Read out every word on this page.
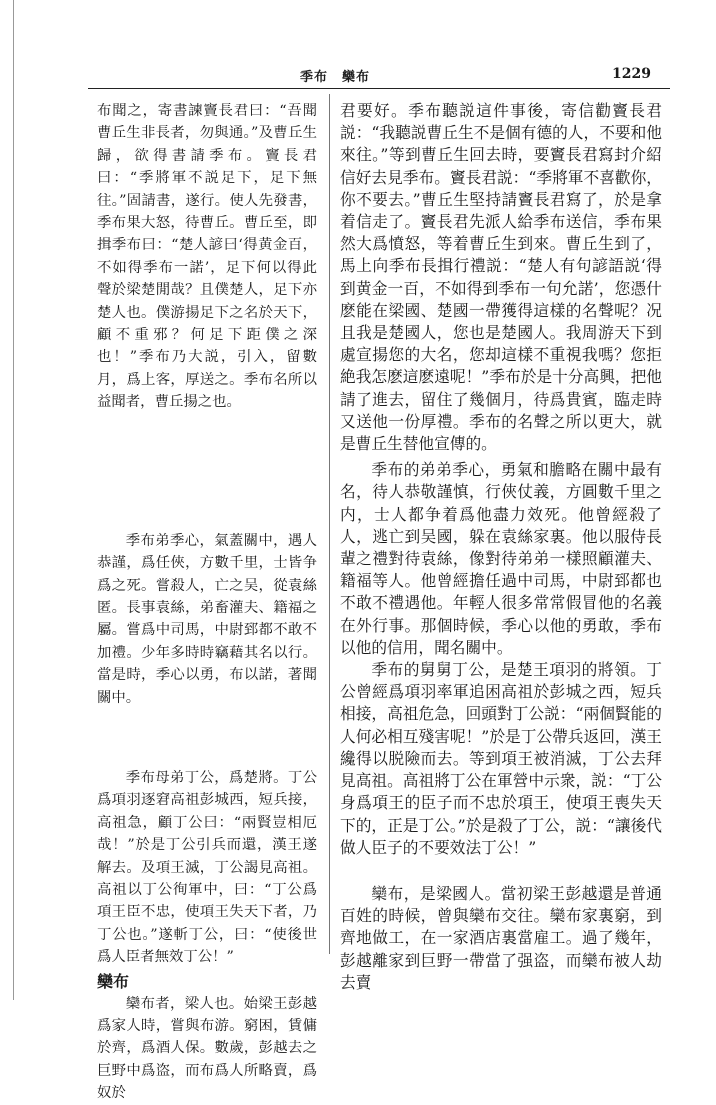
季布　欒布	1229

布聞之，寄書諫竇長君曰：“吾聞曹丘生非長者，勿與通。”及曹丘生歸，欲得書請季布。竇長君曰：“季將軍不説足下，足下無往。”固請書，遂行。使人先發書，季布果大怒，待曹丘。曹丘至，即揖季布曰：“楚人諺曰‘得黄金百，不如得季布一諾’，足下何以得此聲於梁楚閒哉？且僕楚人，足下亦楚人也。僕游揚足下之名於天下，顧不重邪？何足下距僕之深也！”季布乃大説，引入，留數月，爲上客，厚送之。季布名所以益聞者，曹丘揚之也。

季布弟季心，氣蓋關中，遇人恭謹，爲任俠，方數千里，士皆争爲之死。嘗殺人，亡之吴，從袁絲匿。長事袁絲，弟畜灌夫、籍福之屬。嘗爲中司馬，中尉郅都不敢不加禮。少年多時時竊藉其名以行。當是時，季心以勇，布以諾，著聞關中。

季布母弟丁公，爲楚將。丁公爲項羽逐窘高祖彭城西，短兵接，高祖急，顧丁公曰：“兩賢豈相厄哉！”於是丁公引兵而還，漢王遂解去。及項王滅，丁公謁見高祖。高祖以丁公徇軍中，曰：“丁公爲項王臣不忠，使項王失天下者，乃丁公也。”遂斬丁公，曰：“使後世爲人臣者無效丁公！”

欒布

欒布者，梁人也。始梁王彭越爲家人時，嘗與布游。窮困，賃傭於齊，爲酒人保。數歲，彭越去之巨野中爲盗，而布爲人所略賣，爲奴於

君要好。季布聽説這件事後，寄信勸竇長君説：“我聽説曹丘生不是個有德的人，不要和他來往。”等到曹丘生回去時，要竇長君寫封介紹信好去見季布。竇長君説：“季將軍不喜歡你，你不要去。”曹丘生堅持請竇長君寫了，於是拿着信走了。竇長君先派人給季布送信，季布果然大爲憤怒，等着曹丘生到來。曹丘生到了，馬上向季布長揖行禮説：“楚人有句諺語説‘得到黄金一百，不如得到季布一句允諾’，您憑什麽能在梁國、楚國一帶獲得這樣的名聲呢？况且我是楚國人，您也是楚國人。我周游天下到處宣揚您的大名，您却這樣不重視我嗎？您拒絶我怎麽這麽遠呢！”季布於是十分高興，把他請了進去，留住了幾個月，待爲貴賓，臨走時又送他一份厚禮。季布的名聲之所以更大，就是曹丘生替他宣傳的。

季布的弟弟季心，勇氣和膽略在關中最有名，待人恭敬謹慎，行俠仗義，方圓數千里之内，士人都争着爲他盡力效死。他曾經殺了人，逃亡到吴國，躲在袁絲家裏。他以服侍長輩之禮對待袁絲，像對待弟弟一樣照顧灌夫、籍福等人。他曾經擔任過中司馬，中尉郅都也不敢不禮遇他。年輕人很多常常假冒他的名義在外行事。那個時候，季心以他的勇敢，季布以他的信用，聞名關中。

季布的舅舅丁公，是楚王項羽的將領。丁公曾經爲項羽率軍追困高祖於彭城之西，短兵相接，高祖危急，回頭對丁公説：“兩個賢能的人何必相互殘害呢！”於是丁公帶兵返回，漢王纔得以脱險而去。等到項王被消滅，丁公去拜見高祖。高祖將丁公在軍營中示衆，説：“丁公身爲項王的臣子而不忠於項王，使項王喪失天下的，正是丁公。”於是殺了丁公，説：“讓後代做人臣子的不要效法丁公！”

欒布，是梁國人。當初梁王彭越還是普通百姓的時候，曾與欒布交往。欒布家裏窮，到齊地做工，在一家酒店裏當雇工。過了幾年，彭越離家到巨野一帶當了强盗，而欒布被人劫去賣
